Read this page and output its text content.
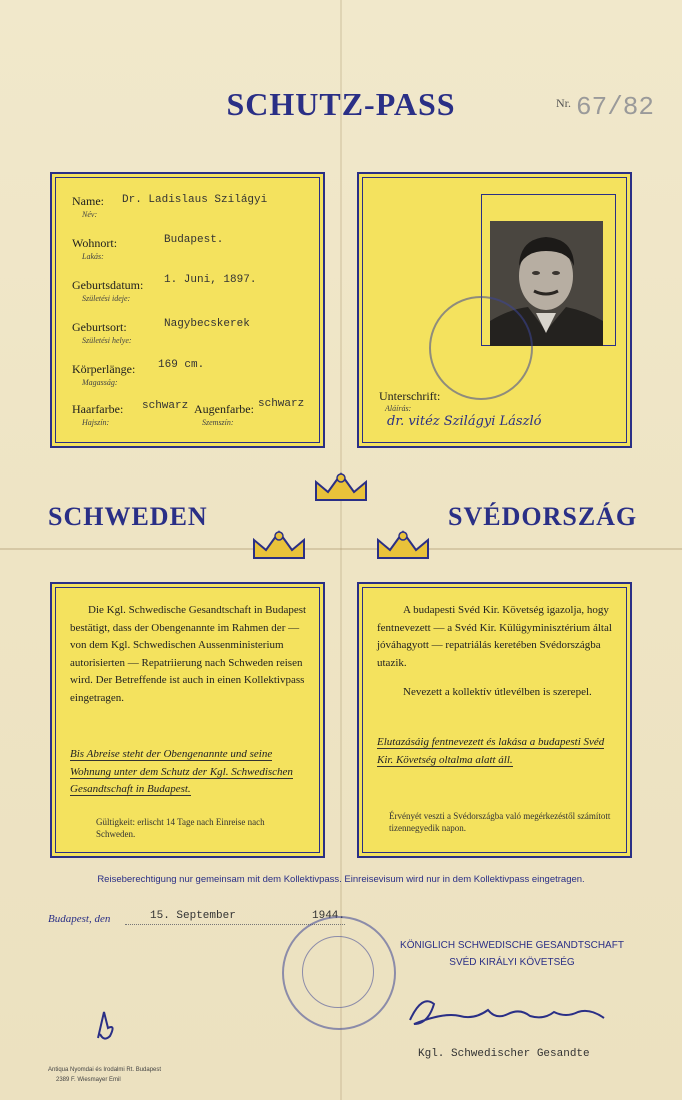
SCHUTZ-PASS	Nr. 67/82
Name:
Név:
Dr. Ladislaus Szilágyi
Wohnort:
Lakás:
Budapest.
Geburtsdatum:
Születési ideje:
1. Juni, 1897.
Geburtsort:
Születési helye:
Nagybecskerek
Körperlänge:
Magasság:
169 cm.
Haarfarbe:
Hajszín:
schwarz Augenfarbe:
Szemszín:
schwarz
Unterschrift:
Aláírás:
dr. vitéz Szilágyi László
SCHWEDEN	SVÉDORSZÁG
Die Kgl. Schwedische Gesandtschaft in Budapest bestätigt, dass der Obengenannte im Rahmen der — von dem Kgl. Schwedischen Aussenministerium autorisierten — Repatriierung nach Schweden reisen wird. Der Betreffende ist auch in einen Kollektivpass eingetragen.
Bis Abreise steht der Obengenannte und seine Wohnung unter dem Schutz der Kgl. Schwedischen Gesandtschaft in Budapest.
Gültigkeit: erlischt 14 Tage nach Einreise nach Schweden.
A budapesti Svéd Kir. Követség igazolja, hogy fentnevezett — a Svéd Kir. Külügyminisztérium által jóváhagyott — repatriálás keretében Svédországba utazik.
Nevezett a kollektív útlevélben is szerepel.
Elutazásáig fentnevezett és lakása a budapesti Svéd Kir. Követség oltalma alatt áll.
Érvényét veszti a Svédországba való megérkezéstől számított tizennegyedik napon.
Reiseberechtigung nur gemeinsam mit dem Kollektivpass. Einreisevisum wird nur in dem Kollektivpass eingetragen.
Budapest, den	15. September	1944.
KÖNIGLICH SCHWEDISCHE GESANDTSCHAFT
SVÉD KIRÁLYI KÖVETSÉG
Kgl. Schwedischer Gesandte
Antiqua Nyomdai és Irodalmi Rt. Budapest
2389 F. Wiesmayer Emil
